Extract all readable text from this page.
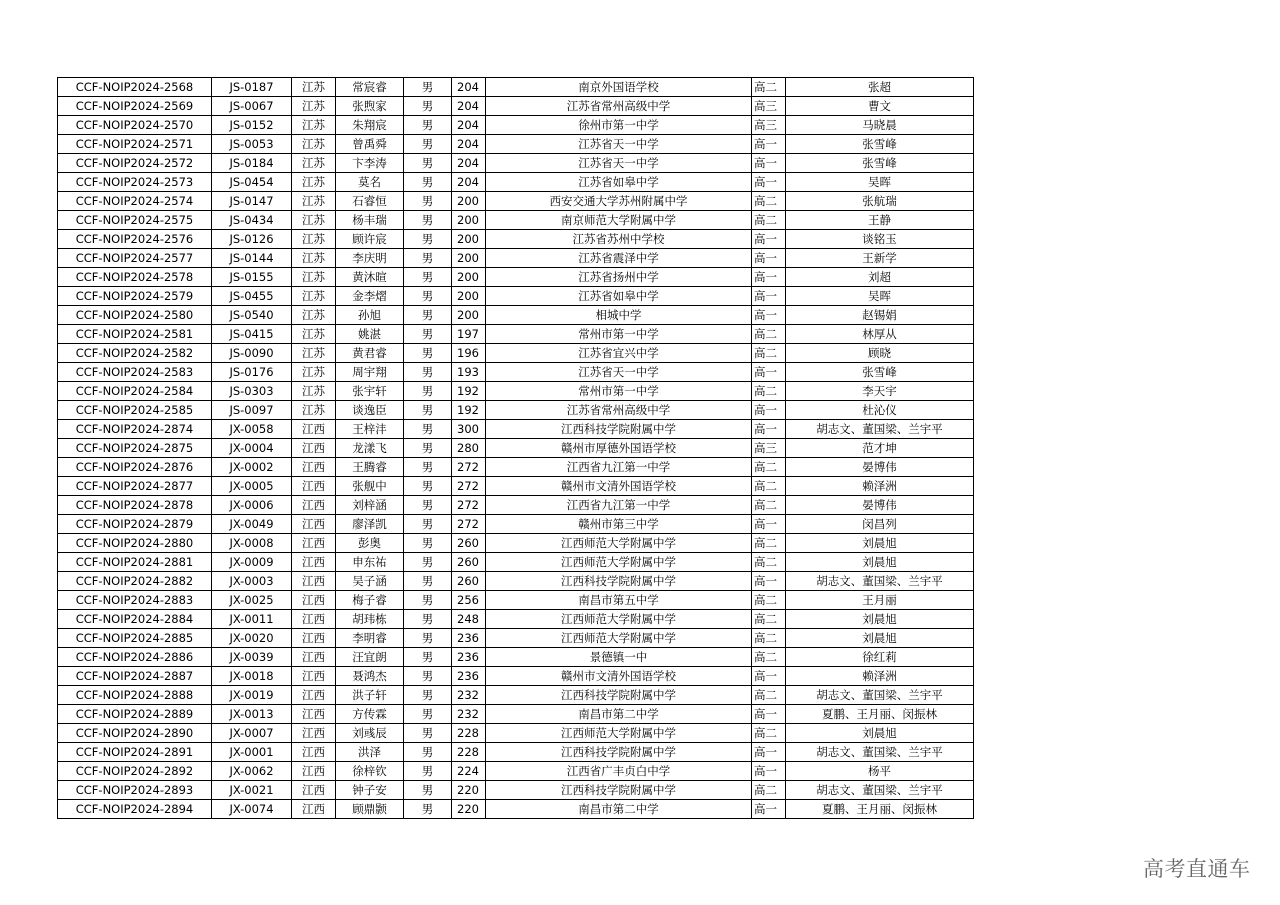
CCF-NOIP2024-2568	JS-0187	江苏	常宸睿	男	204	南京外国语学校	高二	张超
CCF-NOIP2024-2569	JS-0067	江苏	张煦家	男	204	江苏省常州高级中学	高三	曹文
CCF-NOIP2024-2570	JS-0152	江苏	朱翔宸	男	204	徐州市第一中学	高三	马晓晨
CCF-NOIP2024-2571	JS-0053	江苏	曾禹舜	男	204	江苏省天一中学	高一	张雪峰
CCF-NOIP2024-2572	JS-0184	江苏	卞李涛	男	204	江苏省天一中学	高一	张雪峰
CCF-NOIP2024-2573	JS-0454	江苏	莫名	男	204	江苏省如皋中学	高一	吴晖
CCF-NOIP2024-2574	JS-0147	江苏	石睿恒	男	200	西安交通大学苏州附属中学	高二	张航瑞
CCF-NOIP2024-2575	JS-0434	江苏	杨丰瑞	男	200	南京师范大学附属中学	高二	王静
CCF-NOIP2024-2576	JS-0126	江苏	顾许宸	男	200	江苏省苏州中学校	高一	谈铭玉
CCF-NOIP2024-2577	JS-0144	江苏	李庆明	男	200	江苏省震泽中学	高一	王新学
CCF-NOIP2024-2578	JS-0155	江苏	黄沐暄	男	200	江苏省扬州中学	高一	刘超
CCF-NOIP2024-2579	JS-0455	江苏	金李熠	男	200	江苏省如皋中学	高一	吴晖
CCF-NOIP2024-2580	JS-0540	江苏	孙旭	男	200	相城中学	高一	赵锡娟
CCF-NOIP2024-2581	JS-0415	江苏	姚湛	男	197	常州市第一中学	高二	林厚从
CCF-NOIP2024-2582	JS-0090	江苏	黄君睿	男	196	江苏省宜兴中学	高二	顾晓
CCF-NOIP2024-2583	JS-0176	江苏	周宇翔	男	193	江苏省天一中学	高一	张雪峰
CCF-NOIP2024-2584	JS-0303	江苏	张宇轩	男	192	常州市第一中学	高二	李天宇
CCF-NOIP2024-2585	JS-0097	江苏	谈逸臣	男	192	江苏省常州高级中学	高一	杜沁仪
CCF-NOIP2024-2874	JX-0058	江西	王梓沣	男	300	江西科技学院附属中学	高一	胡志文、董国梁、兰宇平
CCF-NOIP2024-2875	JX-0004	江西	龙漾飞	男	280	赣州市厚德外国语学校	高三	范才坤
CCF-NOIP2024-2876	JX-0002	江西	王腾睿	男	272	江西省九江第一中学	高二	晏博伟
CCF-NOIP2024-2877	JX-0005	江西	张舰中	男	272	赣州市文清外国语学校	高二	赖泽洲
CCF-NOIP2024-2878	JX-0006	江西	刘梓涵	男	272	江西省九江第一中学	高二	晏博伟
CCF-NOIP2024-2879	JX-0049	江西	廖泽凯	男	272	赣州市第三中学	高一	闵昌列
CCF-NOIP2024-2880	JX-0008	江西	彭奥	男	260	江西师范大学附属中学	高二	刘晨旭
CCF-NOIP2024-2881	JX-0009	江西	申东祐	男	260	江西师范大学附属中学	高二	刘晨旭
CCF-NOIP2024-2882	JX-0003	江西	吴子涵	男	260	江西科技学院附属中学	高一	胡志文、董国梁、兰宇平
CCF-NOIP2024-2883	JX-0025	江西	梅子睿	男	256	南昌市第五中学	高二	王月丽
CCF-NOIP2024-2884	JX-0011	江西	胡玮栋	男	248	江西师范大学附属中学	高二	刘晨旭
CCF-NOIP2024-2885	JX-0020	江西	李明睿	男	236	江西师范大学附属中学	高二	刘晨旭
CCF-NOIP2024-2886	JX-0039	江西	汪宜朗	男	236	景德镇一中	高二	徐红莉
CCF-NOIP2024-2887	JX-0018	江西	聂鸿杰	男	236	赣州市文清外国语学校	高一	赖泽洲
CCF-NOIP2024-2888	JX-0019	江西	洪子轩	男	232	江西科技学院附属中学	高二	胡志文、董国梁、兰宇平
CCF-NOIP2024-2889	JX-0013	江西	方传霖	男	232	南昌市第二中学	高一	夏鹏、王月丽、闵振林
CCF-NOIP2024-2890	JX-0007	江西	刘彧辰	男	228	江西师范大学附属中学	高二	刘晨旭
CCF-NOIP2024-2891	JX-0001	江西	洪泽	男	228	江西科技学院附属中学	高一	胡志文、董国梁、兰宇平
CCF-NOIP2024-2892	JX-0062	江西	徐梓钦	男	224	江西省广丰贞白中学	高一	杨平
CCF-NOIP2024-2893	JX-0021	江西	钟子安	男	220	江西科技学院附属中学	高二	胡志文、董国梁、兰宇平
CCF-NOIP2024-2894	JX-0074	江西	顾鼎颢	男	220	南昌市第二中学	高一	夏鹏、王月丽、闵振林
高考直通车
